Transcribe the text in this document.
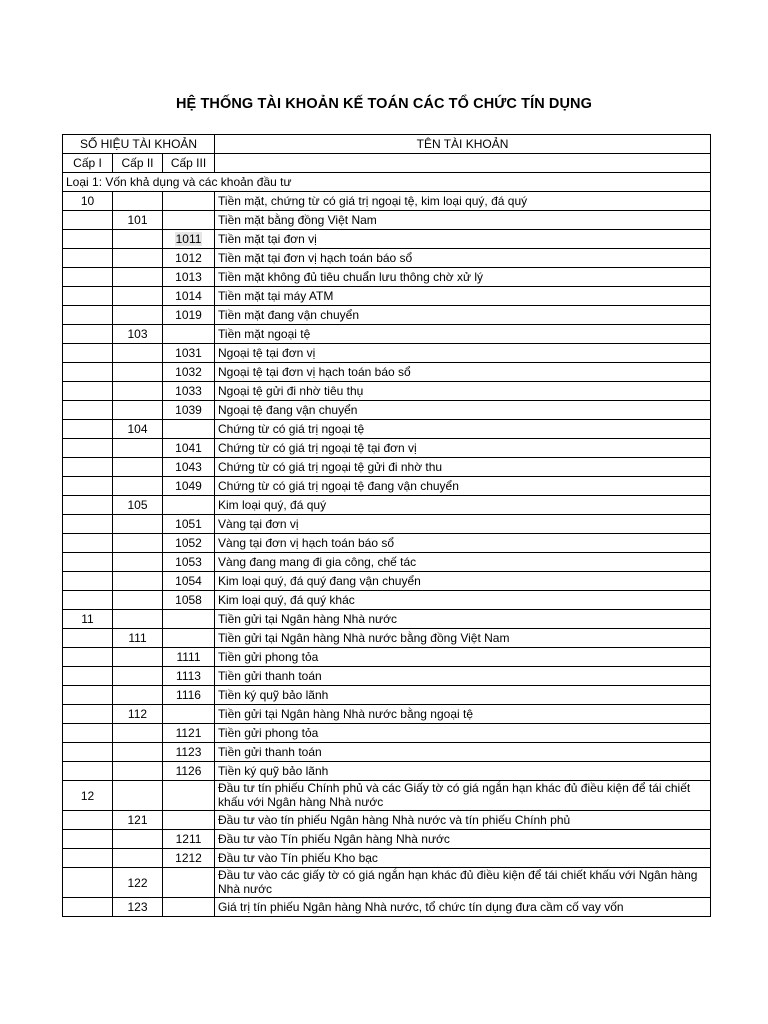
HỆ THỐNG TÀI KHOẢN KẾ TOÁN CÁC TỔ CHỨC TÍN DỤNG
SỐ HIỆU TÀI KHOẢN			TÊN TÀI KHOẢN
Cấp I	Cấp II	Cấp III	
Loại 1: Vốn khả dụng và các khoản đầu tư			
10			Tiền mặt, chứng từ có giá trị ngoại tệ, kim loại quý, đá quý
	101		Tiền mặt bằng đồng Việt Nam
		1011	Tiền mặt tại đơn vị
		1012	Tiền mặt tại đơn vị hạch toán báo sổ
		1013	Tiền mặt không đủ tiêu chuẩn lưu thông chờ xử lý
		1014	Tiền mặt tại máy ATM
		1019	Tiền mặt đang vận chuyển
	103		Tiền mặt ngoại tệ
		1031	Ngoại tệ tại đơn vị
		1032	Ngoại tệ tại đơn vị hạch toán báo sổ
		1033	Ngoại tệ gửi đi nhờ tiêu thụ
		1039	Ngoại tệ đang vận chuyển
	104		Chứng từ có giá trị ngoại tệ
		1041	Chứng từ có giá trị ngoại tệ tại đơn vị
		1043	Chứng từ có giá trị ngoại tệ gửi đi nhờ thu
		1049	Chứng từ có giá trị ngoại tệ đang vận chuyển
	105		Kim loại quý, đá quý
		1051	Vàng tại đơn vị
		1052	Vàng tại đơn vị hạch toán báo sổ
		1053	Vàng đang mang đi gia công, chế tác
		1054	Kim loại quý, đá quý đang vận chuyển
		1058	Kim loại quý, đá quý khác
11			Tiền gửi tại Ngân hàng Nhà nước
	111		Tiền gửi tại Ngân hàng Nhà nước bằng đồng Việt Nam
		1111	Tiền gửi phong tỏa
		1113	Tiền gửi thanh toán
		1116	Tiền ký quỹ bảo lãnh
	112		Tiền gửi tại Ngân hàng Nhà nước bằng ngoại tệ
		1121	Tiền gửi phong tỏa
		1123	Tiền gửi thanh toán
		1126	Tiền ký quỹ bảo lãnh
12			Đầu tư tín phiếu Chính phủ và các Giấy tờ có giá ngắn hạn khác đủ điều kiện để tái chiết khấu với Ngân hàng Nhà nước
	121		Đầu tư vào tín phiếu Ngân hàng Nhà nước và tín phiếu Chính phủ
		1211	Đầu tư vào Tín phiếu Ngân hàng Nhà nước
		1212	Đầu tư vào Tín phiếu Kho bạc
	122		Đầu tư vào các giấy tờ có giá ngắn hạn khác đủ điều kiện để tái chiết khấu với Ngân hàng Nhà nước
	123		Giá trị tín phiếu Ngân hàng Nhà nước, tổ chức tín dụng đưa cầm cố vay vốn
